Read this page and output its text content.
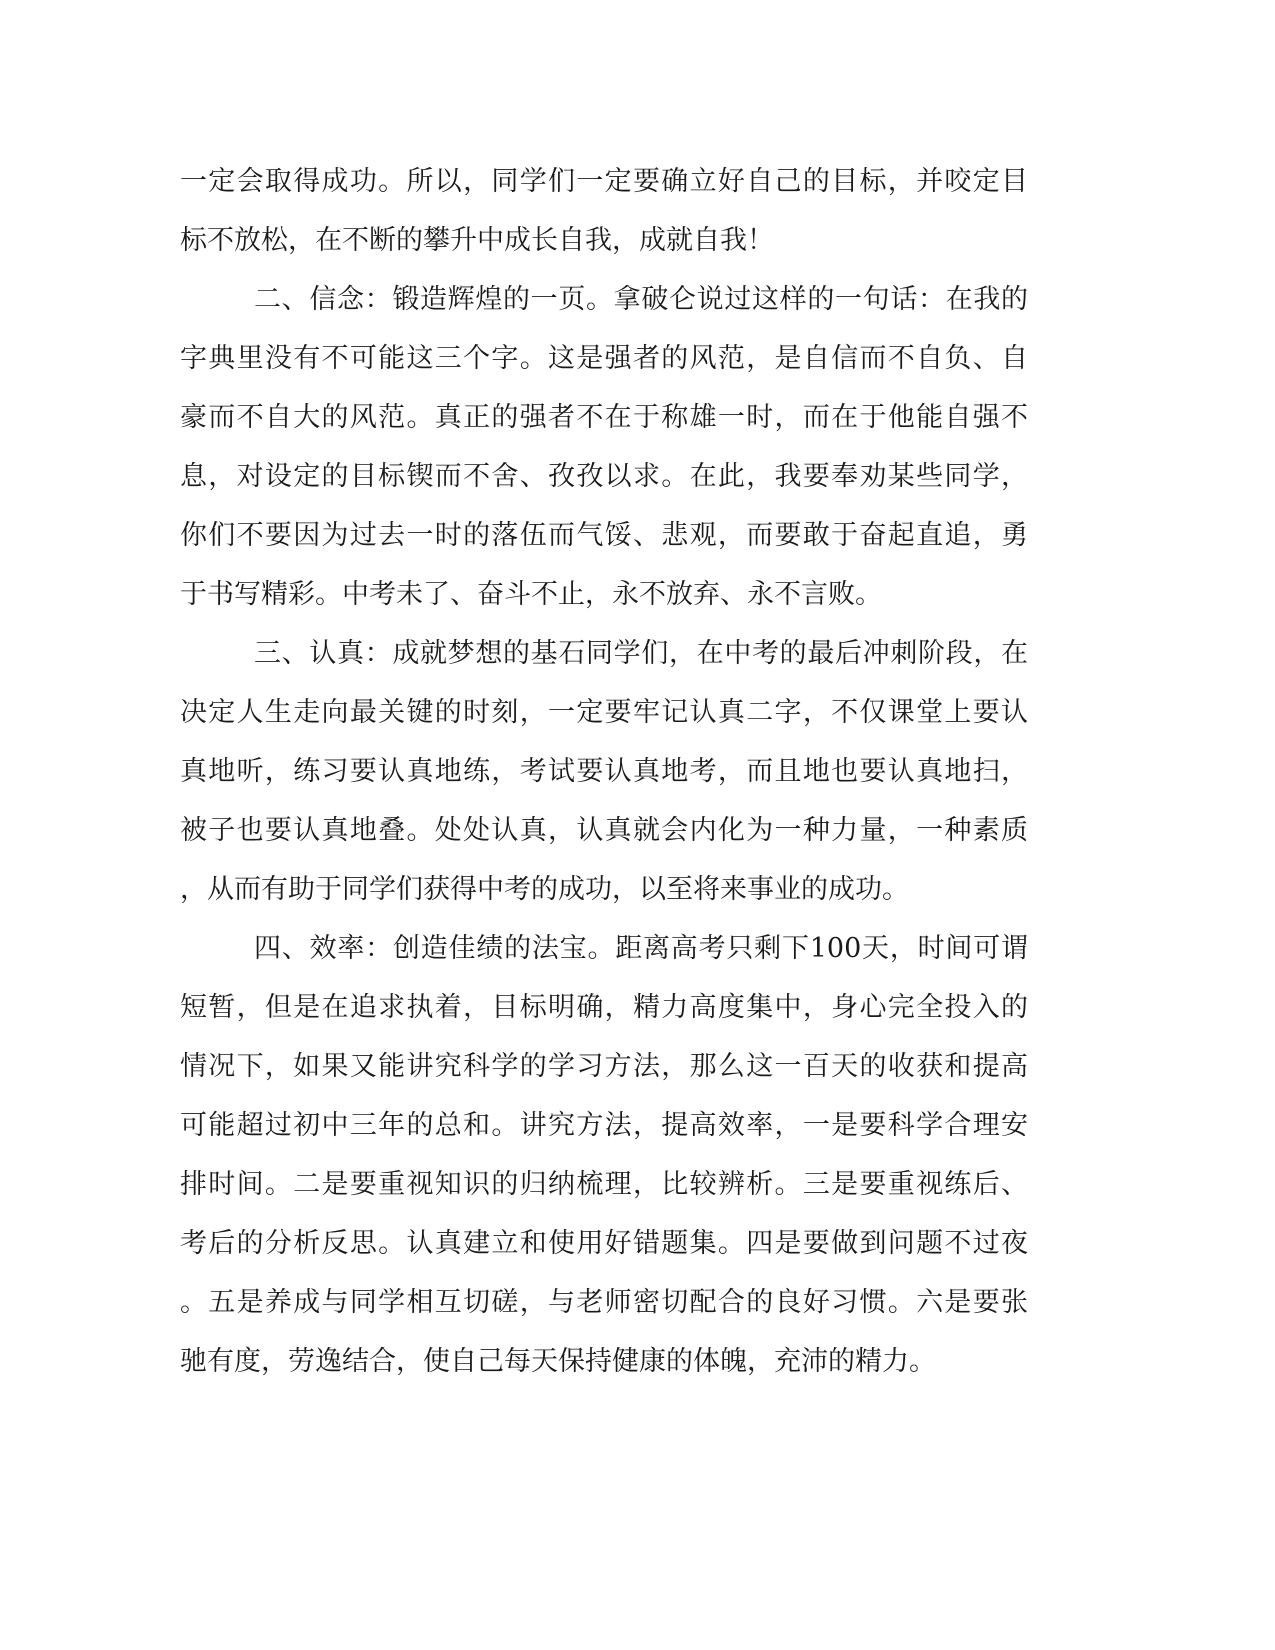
一定会取得成功。所以，同学们一定要确立好自己的目标，并咬定目
标不放松，在不断的攀升中成长自我，成就自我！
二、信念：锻造辉煌的一页。拿破仑说过这样的一句话：在我的
字典里没有不可能这三个字。这是强者的风范，是自信而不自负、自
豪而不自大的风范。真正的强者不在于称雄一时，而在于他能自强不
息，对设定的目标锲而不舍、孜孜以求。在此，我要奉劝某些同学，
你们不要因为过去一时的落伍而气馁、悲观，而要敢于奋起直追，勇
于书写精彩。中考未了、奋斗不止，永不放弃、永不言败。
三、认真：成就梦想的基石同学们，在中考的最后冲刺阶段，在
决定人生走向最关键的时刻，一定要牢记认真二字，不仅课堂上要认
真地听，练习要认真地练，考试要认真地考，而且地也要认真地扫，
被子也要认真地叠。处处认真，认真就会内化为一种力量，一种素质
，从而有助于同学们获得中考的成功，以至将来事业的成功。
四、效率：创造佳绩的法宝。距离高考只剩下100天，时间可谓
短暂，但是在追求执着，目标明确，精力高度集中，身心完全投入的
情况下，如果又能讲究科学的学习方法，那么这一百天的收获和提高
可能超过初中三年的总和。讲究方法，提高效率，一是要科学合理安
排时间。二是要重视知识的归纳梳理，比较辨析。三是要重视练后、
考后的分析反思。认真建立和使用好错题集。四是要做到问题不过夜
。五是养成与同学相互切磋，与老师密切配合的良好习惯。六是要张
驰有度，劳逸结合，使自己每天保持健康的体魄，充沛的精力。
